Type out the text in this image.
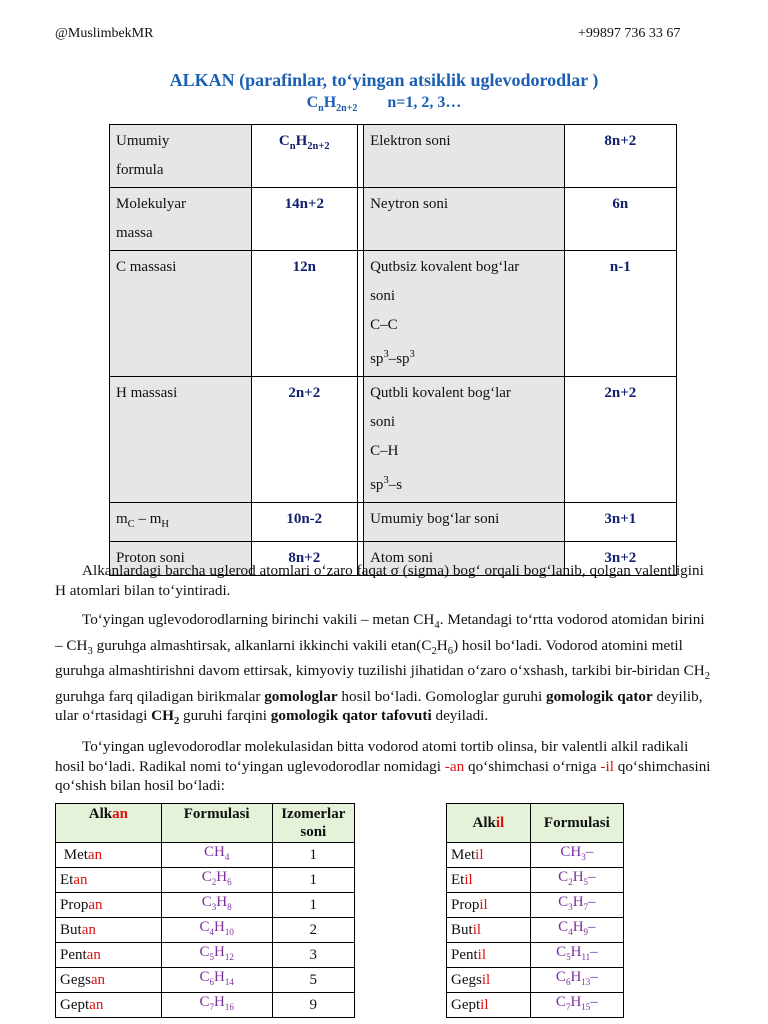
@MuslimbekMR	+99897 736 33 67
ALKAN (parafinlar, to‘yingan atsiklik uglevodorodlar )
$C_nH_{2n+2}$ n=1, 2, 3…
Umumiy
formula	$C_nH_{2n+2}$		Elektron soni	8n+2
Molekulyar
massa	14n+2		Neytron soni	6n
C massasi	12n		Qutbsiz kovalent bog‘lar
soni
C–C
$sp^3-sp^3$	n-1
H massasi	2n+2		Qutbli kovalent bog‘lar
soni
C–H
$sp^3-s$	2n+2
$m_C - m_H$	10n-2		Umumiy bog‘lar soni	3n+1
Proton soni	8n+2		Atom soni	3n+2
Alkanlardagi barcha uglerod atomlari o‘zaro faqat σ (sigma) bog‘ orqali bog‘lanib, qolgan valentligini H atomlari bilan to‘yintiradi.
To‘yingan uglevodorodlarning birinchi vakili – metan $CH_4$. Metandagi to‘rtta vodorod atomidan birini – $CH_3$ guruhga almashtirsak, alkanlarni ikkinchi vakili $etan(C_2H_6)$ hosil bo‘ladi. Vodorod atomini metil guruhga almashtirishni davom ettirsak, kimyoviy tuzilishi jihatidan o‘zaro o‘xshash, tarkibi bir-biridan $CH_2$ guruhga farq qiladigan birikmalar gomologlar hosil bo‘ladi. Gomologlar guruhi gomologik qator deyilib, ular o‘rtasidagi $CH_2$ guruhi farqini gomologik qator tafovuti deyiladi.
To‘yingan uglevodorodlar molekulasidan bitta vodorod atomi tortib olinsa, bir valentli alkil radikali hosil bo‘ladi. Radikal nomi to‘yingan uglevodorodlar nomidagi -an qo‘shimchasi o‘rniga -il qo‘shimchasini qo‘shish bilan hosil bo‘ladi:
Alkan	Formulasi	Izomerlar soni
Metan	$CH_4$	1
Etan	$C_2H_6$	1
Propan	$C_3H_8$	1
Butan	$C_4H_{10}$	2
Pentan	$C_5H_{12}$	3
Gegsan	$C_6H_{14}$	5
Geptan	$C_7H_{16}$	9
Alkil	Formulasi
Metil	$CH_3-$
Etil	$C_2H_5-$
Propil	$C_3H_7-$
Butil	$C_4H_9-$
Pentil	$C_5H_{11}-$
Gegsil	$C_6H_{13}-$
Geptil	$C_7H_{15}-$
